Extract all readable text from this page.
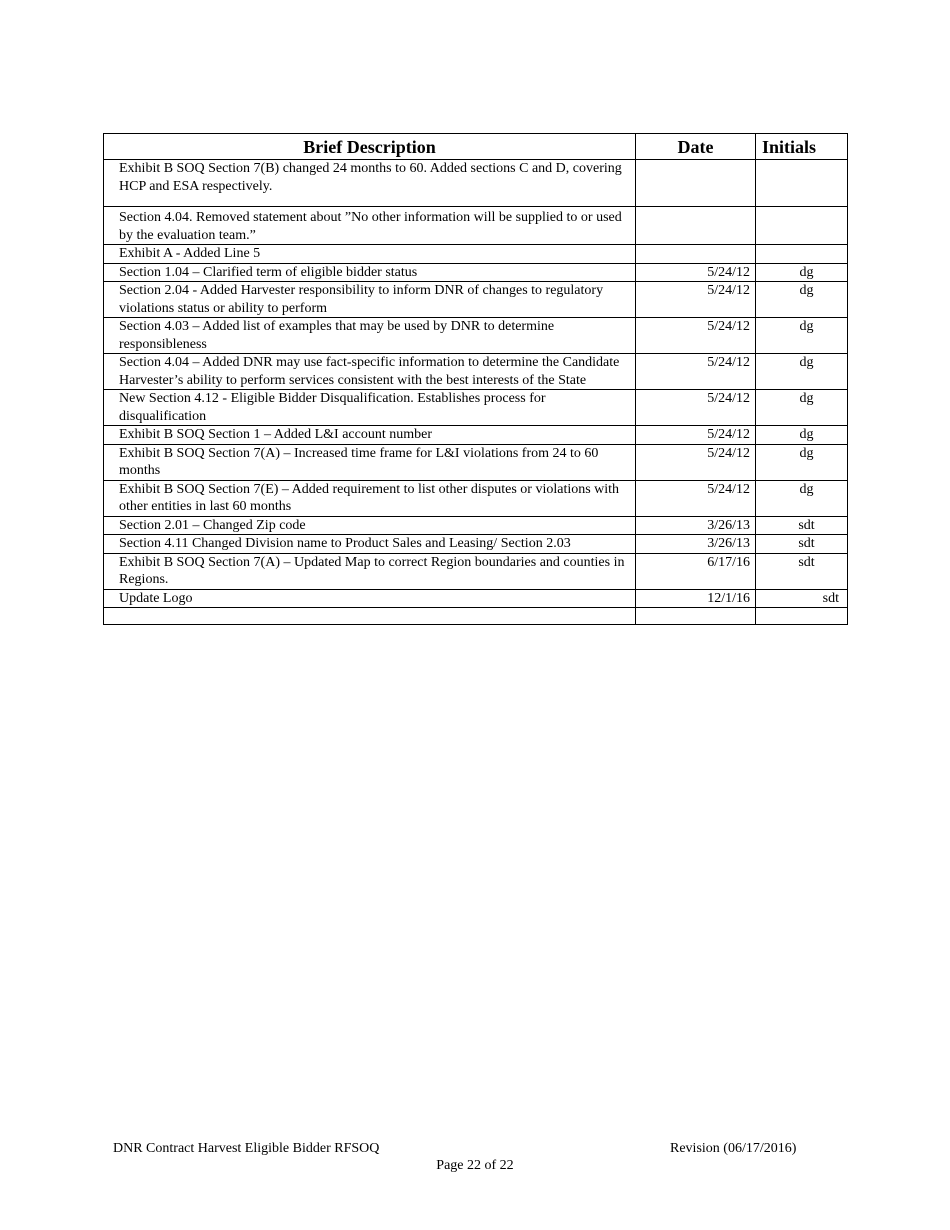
Brief Description	Date	Initials
Exhibit B SOQ Section 7(B) changed 24 months to 60. Added sections C and D, covering HCP and ESA respectively.		
Section 4.04. Removed statement about ”No other information will be supplied to or used by the evaluation team.”		
Exhibit A - Added Line 5		
Section 1.04 – Clarified term of eligible bidder status	5/24/12	dg
Section 2.04 - Added Harvester responsibility to inform DNR of changes to regulatory violations status or ability to perform	5/24/12	dg
Section 4.03 – Added list of examples that may be used by DNR to determine responsibleness	5/24/12	dg
Section 4.04 – Added DNR may use fact-specific information to determine the Candidate Harvester’s ability to perform services consistent with the best interests of the State	5/24/12	dg
New Section 4.12 - Eligible Bidder Disqualification. Establishes process for disqualification	5/24/12	dg
Exhibit B SOQ Section 1 – Added L&I account number	5/24/12	dg
Exhibit B SOQ Section 7(A) – Increased time frame for L&I violations from 24 to 60 months	5/24/12	dg
Exhibit B SOQ Section 7(E) – Added requirement to list other disputes or violations with other entities in last 60 months	5/24/12	dg
Section 2.01 – Changed Zip code	3/26/13	sdt
Section 4.11 Changed Division name to Product Sales and Leasing/ Section 2.03	3/26/13	sdt
Exhibit B SOQ Section 7(A) – Updated Map to correct Region boundaries and counties in Regions.	6/17/16	sdt
Update Logo	12/1/16	sdt

DNR Contract Harvest Eligible Bidder RFSOQ	Revision (06/17/2016)
Page 22 of 22
